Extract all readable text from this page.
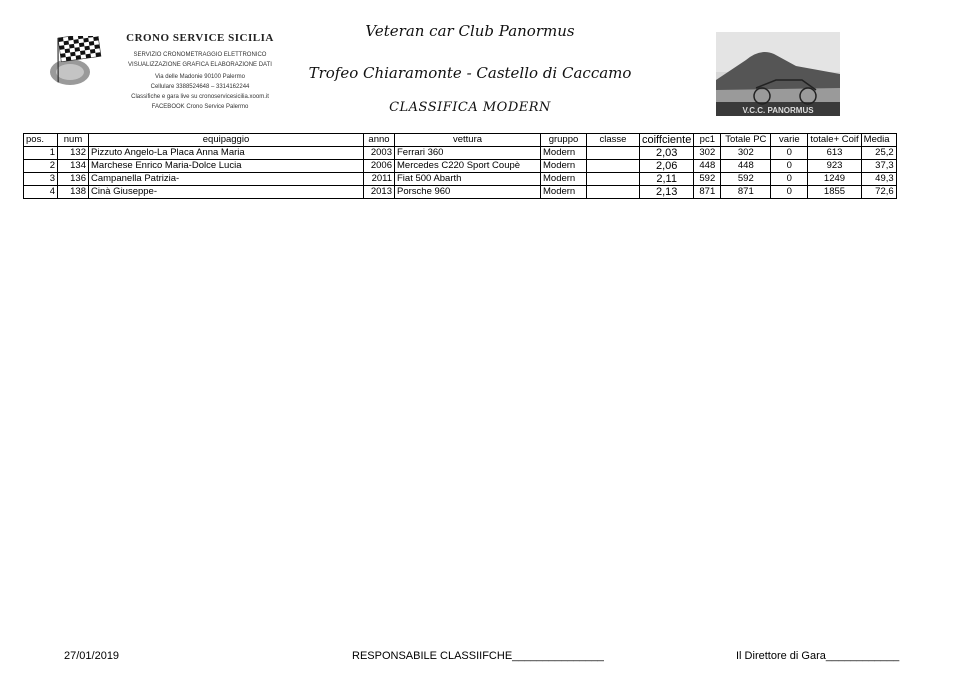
CRONO SERVICE SICILIA
SERVIZIO CRONOMETRAGGIO ELETTRONICO
VISUALIZZAZIONE GRAFICA ELABORAZIONE DATI
Via delle Madonie 90100 Palermo
Cellulare 3388524648 – 3314162244
Classifiche e gara live su cronoservicesicilia.xoom.it
FACEBOOK Crono Service Palermo
Veteran car Club Panormus
Trofeo Chiaramonte - Castello di Caccamo
CLASSIFICA MODERN	V.C.C. PANORMUS
pos.	num	equipaggio	anno	vettura	gruppo	classe	coiffciente	pc1	Totale PC	varie	totale+ Coif	Media
1	132	Pizzuto Angelo-La Placa Anna Maria	2003	Ferrari 360	Modern		2,03	302	302	0	613	25,2
2	134	Marchese Enrico Maria-Dolce Lucia	2006	Mercedes C220 Sport Coupè	Modern		2,06	448	448	0	923	37,3
3	136	Campanella Patrizia-	2011	Fiat 500 Abarth	Modern		2,11	592	592	0	1249	49,3
4	138	Cinà Giuseppe-	2013	Porsche 960	Modern		2,13	871	871	0	1855	72,6
27/01/2019	RESPONSABILE CLASSIIFCHE_______________	Il Direttore di Gara____________
